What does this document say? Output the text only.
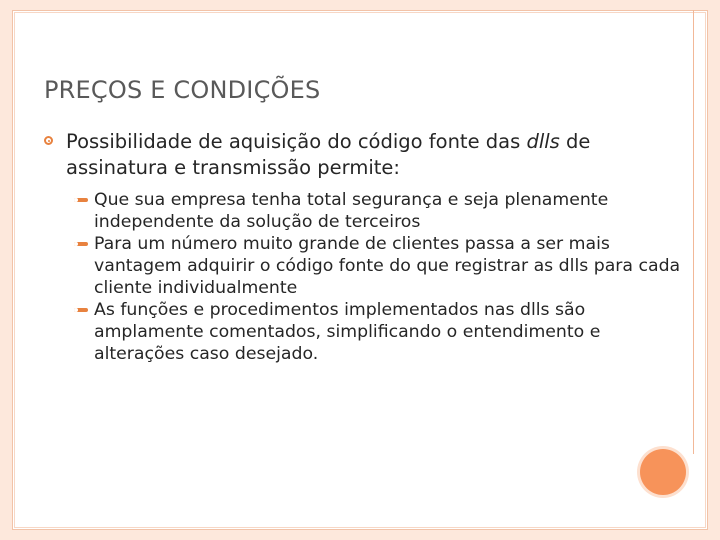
PREÇOS E CONDIÇÕES
Possibilidade de aquisição do código fonte das dlls de assinatura e transmissão permite:
Que sua empresa tenha total segurança e seja plenamente independente da solução de terceiros
Para um número muito grande de clientes passa a ser mais vantagem adquirir o código fonte do que registrar as dlls para cada cliente individualmente
As funções e procedimentos implementados nas dlls são amplamente comentados, simplificando o entendimento e alterações caso desejado.
